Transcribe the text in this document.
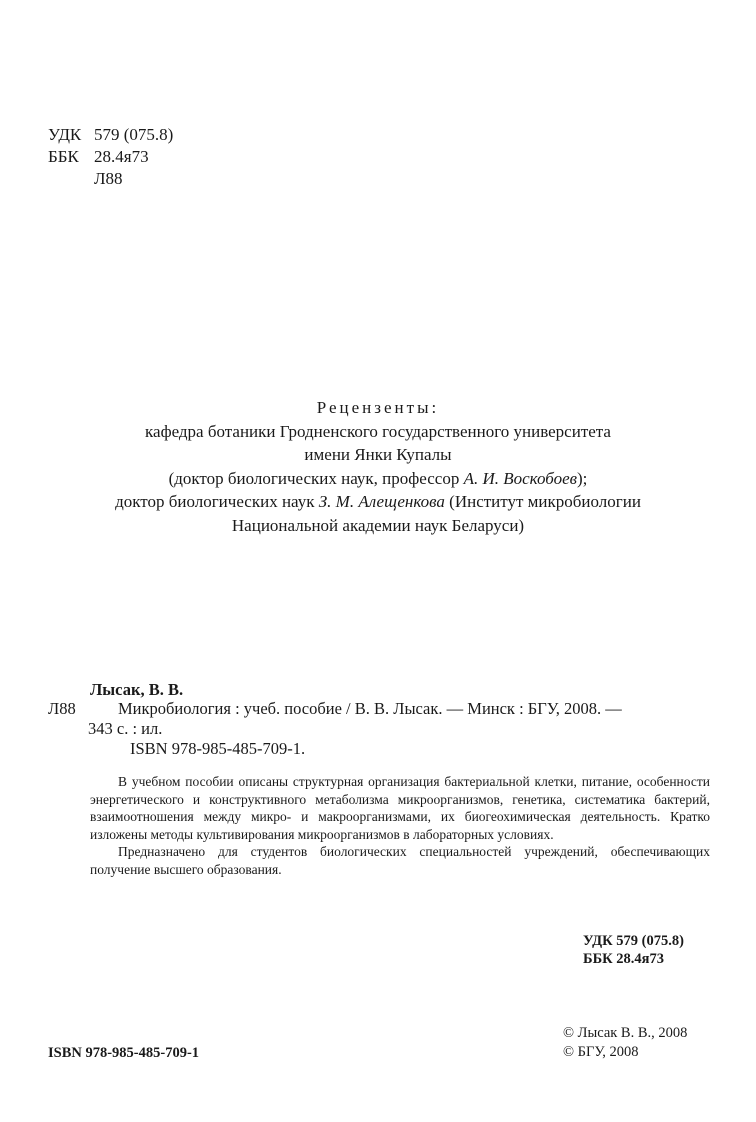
УДК 579 (075.8)
ББК 28.4я73
Л88
Рецензенты:
кафедра ботаники Гродненского государственного университета
имени Янки Купалы
(доктор биологических наук, профессор А. И. Воскобоев);
доктор биологических наук З. М. Алещенкова (Институт микробиологии
Национальной академии наук Беларуси)
Лысак, В. В.
Л88	Микробиология : учеб. пособие / В. В. Лысак. — Минск : БГУ, 2008. —
343 с. : ил.
ISBN 978-985-485-709-1.

В учебном пособии описаны структурная организация бактериальной клетки, питание, особенности энергетического и конструктивного метаболизма микроорганизмов, генетика, систематика бактерий, взаимоотношения между микро- и макроорганизмами, их биогеохимическая деятельность. Кратко изложены методы культивирования микроорганизмов в лабораторных условиях.

Предназначено для студентов биологических специальностей учреждений, обеспечивающих получение высшего образования.

УДК 579 (075.8)
ББК 28.4я73
© Лысак В. В., 2008
© БГУ, 2008
ISBN 978-985-485-709-1
